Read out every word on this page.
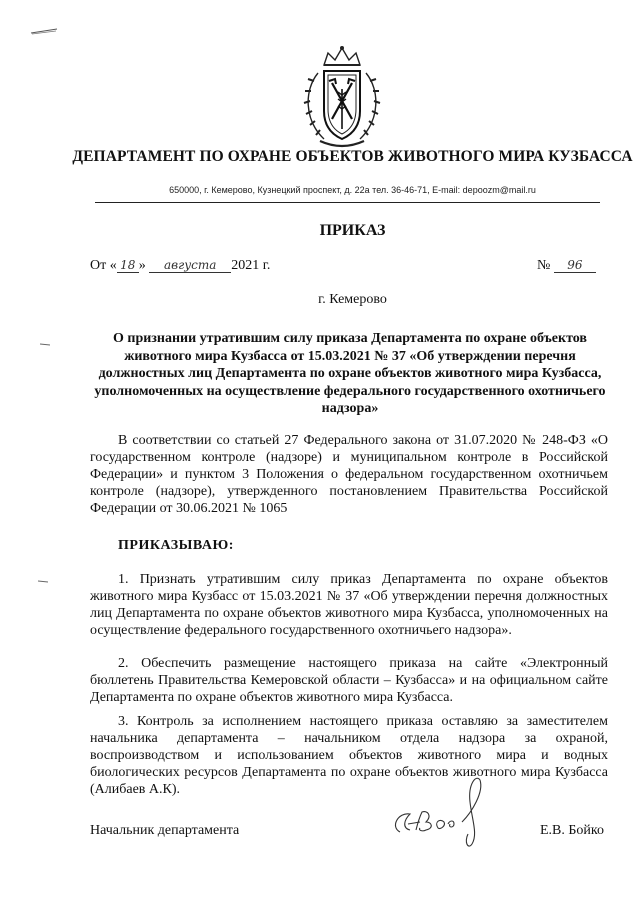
ДЕПАРТАМЕНТ ПО ОХРАНЕ ОБЪЕКТОВ ЖИВОТНОГО МИРА КУЗБАССА
650000, г. Кемерово, Кузнецкий проспект, д. 22а тел. 36-46-71, E-mail: depoozm@mail.ru
ПРИКАЗ
От « 18 » августа 2021 г.	№ 96
г. Кемерово
О признании утратившим силу приказа Департамента по охране объектов животного мира Кузбасса от 15.03.2021 № 37 «Об утверждении перечня должностных лиц Департамента по охране объектов животного мира Кузбасса, уполномоченных на осуществление федерального государственного охотничьего надзора»

В соответствии со статьей 27 Федерального закона от 31.07.2020 № 248-ФЗ «О государственном контроле (надзоре) и муниципальном контроле в Российской Федерации» и пунктом 3 Положения о федеральном государственном охотничьем контроле (надзоре), утвержденного постановлением Правительства Российской Федерации от 30.06.2021 № 1065

ПРИКАЗЫВАЮ:

1. Признать утратившим силу приказ Департамента по охране объектов животного мира Кузбасс от 15.03.2021 № 37 «Об утверждении перечня должностных лиц Департамента по охране объектов животного мира Кузбасса, уполномоченных на осуществление федерального государственного охотничьего надзора».

2. Обеспечить размещение настоящего приказа на сайте «Электронный бюллетень Правительства Кемеровской области – Кузбасса» и на официальном сайте Департамента по охране объектов животного мира Кузбасса.

3. Контроль за исполнением настоящего приказа оставляю за заместителем начальника департамента – начальником отдела надзора за охраной, воспроизводством и использованием объектов животного мира и водных биологических ресурсов Департамента по охране объектов животного мира Кузбасса (Алибаев А.К).

Начальник департамента	Е.В. Бойко
